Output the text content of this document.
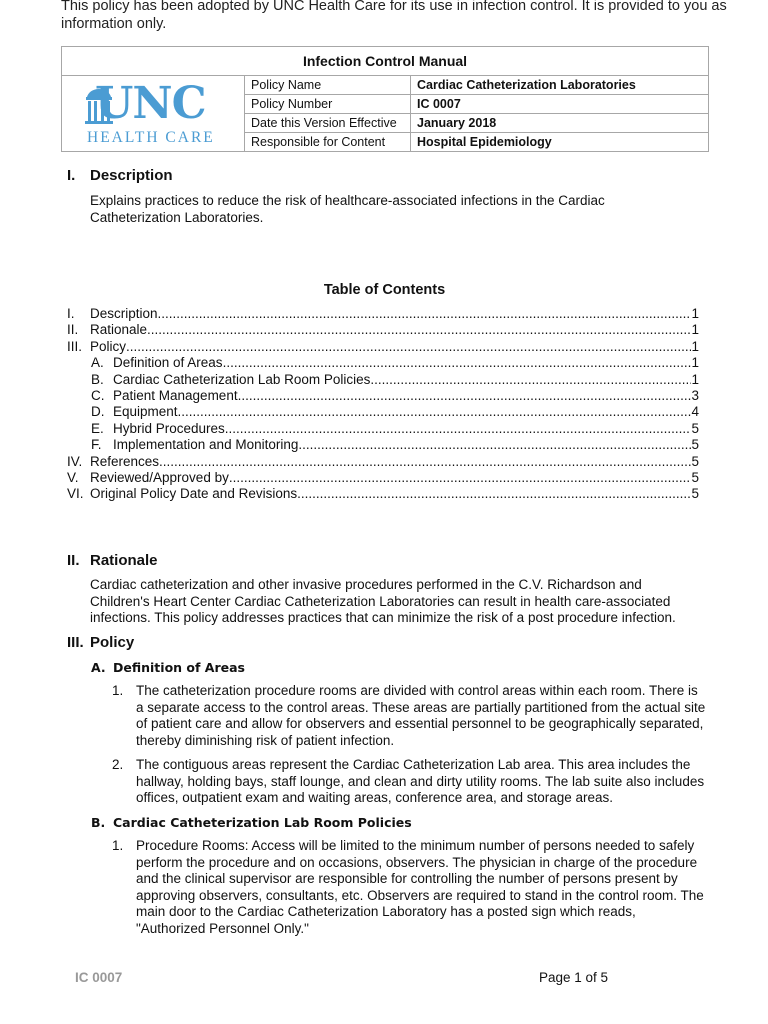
This policy has been adopted by UNC Health Care for its use in infection control. It is provided to you as information only.
Infection Control Manual		

UNC
HEALTH CARE	Policy Name	Cardiac Catheterization Laboratories
	Policy Number	IC 0007
	Date this Version Effective	January 2018
	Responsible for Content	Hospital Epidemiology
I. Description

Explains practices to reduce the risk of healthcare-associated infections in the Cardiac Catheterization Laboratories.

Table of Contents

I.	Description .....	1
II. Rationale .....	1
III. Policy .....	1
A. Definition of Areas .....	1
B. Cardiac Catheterization Lab Room Policies .....	1
C. Patient Management .....	3
D. Equipment .....	4
E. Hybrid Procedures .....	5
F. Implementation and Monitoring .....	5
IV. References .....	5
V. Reviewed/Approved by .....	5
VI. Original Policy Date and Revisions .....	5
II. Rationale

Cardiac catheterization and other invasive procedures performed in the C.V. Richardson and Children's Heart Center Cardiac Catheterization Laboratories can result in health care-associated infections. This policy addresses practices that can minimize the risk of a post procedure infection.

III. Policy

A. Definition of Areas

1. The catheterization procedure rooms are divided with control areas within each room. There is a separate access to the control areas. These areas are partially partitioned from the actual site of patient care and allow for observers and essential personnel to be geographically separated, thereby diminishing risk of patient infection.
2. The contiguous areas represent the Cardiac Catheterization Lab area. This area includes the hallway, holding bays, staff lounge, and clean and dirty utility rooms. The lab suite also includes offices, outpatient exam and waiting areas, conference area, and storage areas.

B. Cardiac Catheterization Lab Room Policies

1. Procedure Rooms: Access will be limited to the minimum number of persons needed to safely perform the procedure and on occasions, observers. The physician in charge of the procedure and the clinical supervisor are responsible for controlling the number of persons present by approving observers, consultants, etc. Observers are required to stand in the control room. The main door to the Cardiac Catheterization Laboratory has a posted sign which reads, "Authorized Personnel Only."
IC 0007	Page 1 of 5
